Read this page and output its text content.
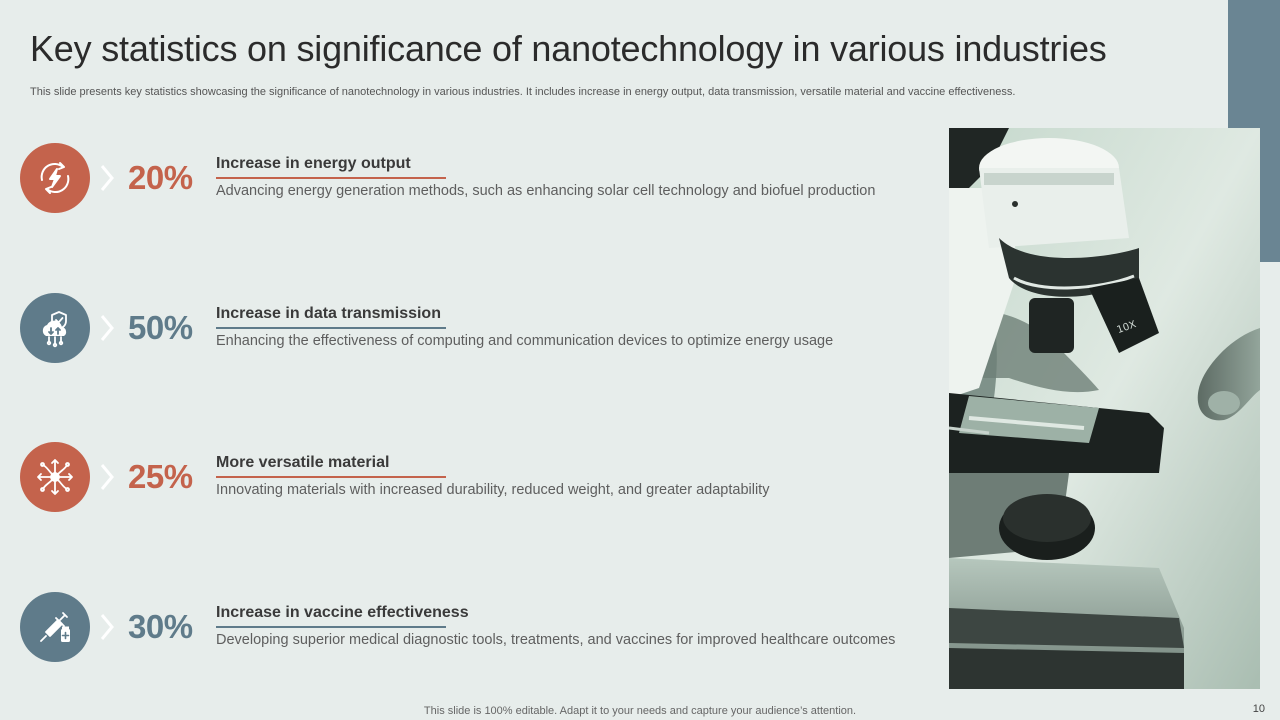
Key statistics on significance of nanotechnology in various industries

This slide presents key statistics showcasing the significance of nanotechnology in various industries. It includes increase in energy output, data transmission, versatile material and vaccine effectiveness.

20% Increase in energy output
Advancing energy generation methods, such as enhancing solar cell technology and biofuel production
50% Increase in data transmission
Enhancing the effectiveness of computing and communication devices to optimize energy usage
25% More versatile material
Innovating materials with increased durability, reduced weight, and greater adaptability
30% Increase in vaccine effectiveness
Developing superior medical diagnostic tools, treatments, and vaccines for improved healthcare outcomes
10X
This slide is 100% editable. Adapt it to your needs and capture your audience’s attention.	10
